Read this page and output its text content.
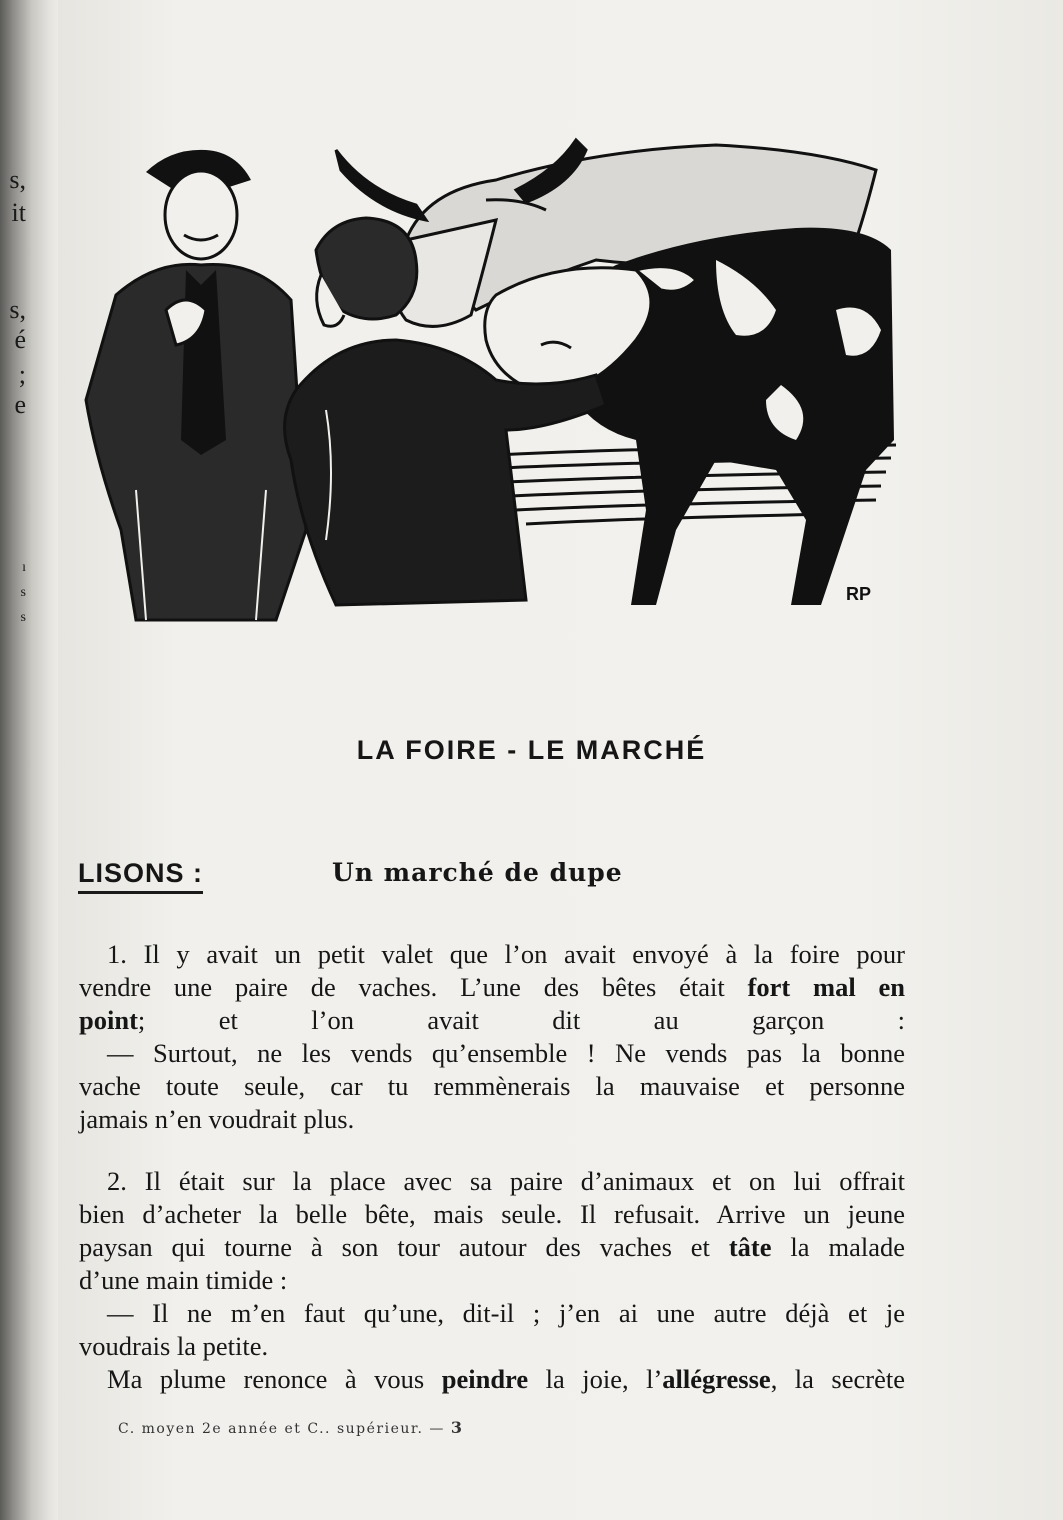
s,
it
s,
é
;
e
ı
s
s
RP
LA FOIRE - LE MARCHÉ
LISONS :	Un marché de dupe

1. Il y avait un petit valet que l’on avait envoyé à la foire pour
vendre une paire de vaches. L’une des bêtes était fort mal en
point; et l’on avait dit au garçon :
— Surtout, ne les vends qu’ensemble ! Ne vends pas la bonne
vache toute seule, car tu remmènerais la mauvaise et personne
jamais n’en voudrait plus.

2. Il était sur la place avec sa paire d’animaux et on lui offrait
bien d’acheter la belle bête, mais seule. Il refusait. Arrive un jeune
paysan qui tourne à son tour autour des vaches et tâte la malade
d’une main timide :
— Il ne m’en faut qu’une, dit-il ; j’en ai une autre déjà et je
voudrais la petite.
Ma plume renonce à vous peindre la joie, l’allégresse, la secrète

C. moyen 2e année et C.. supérieur. — 3
